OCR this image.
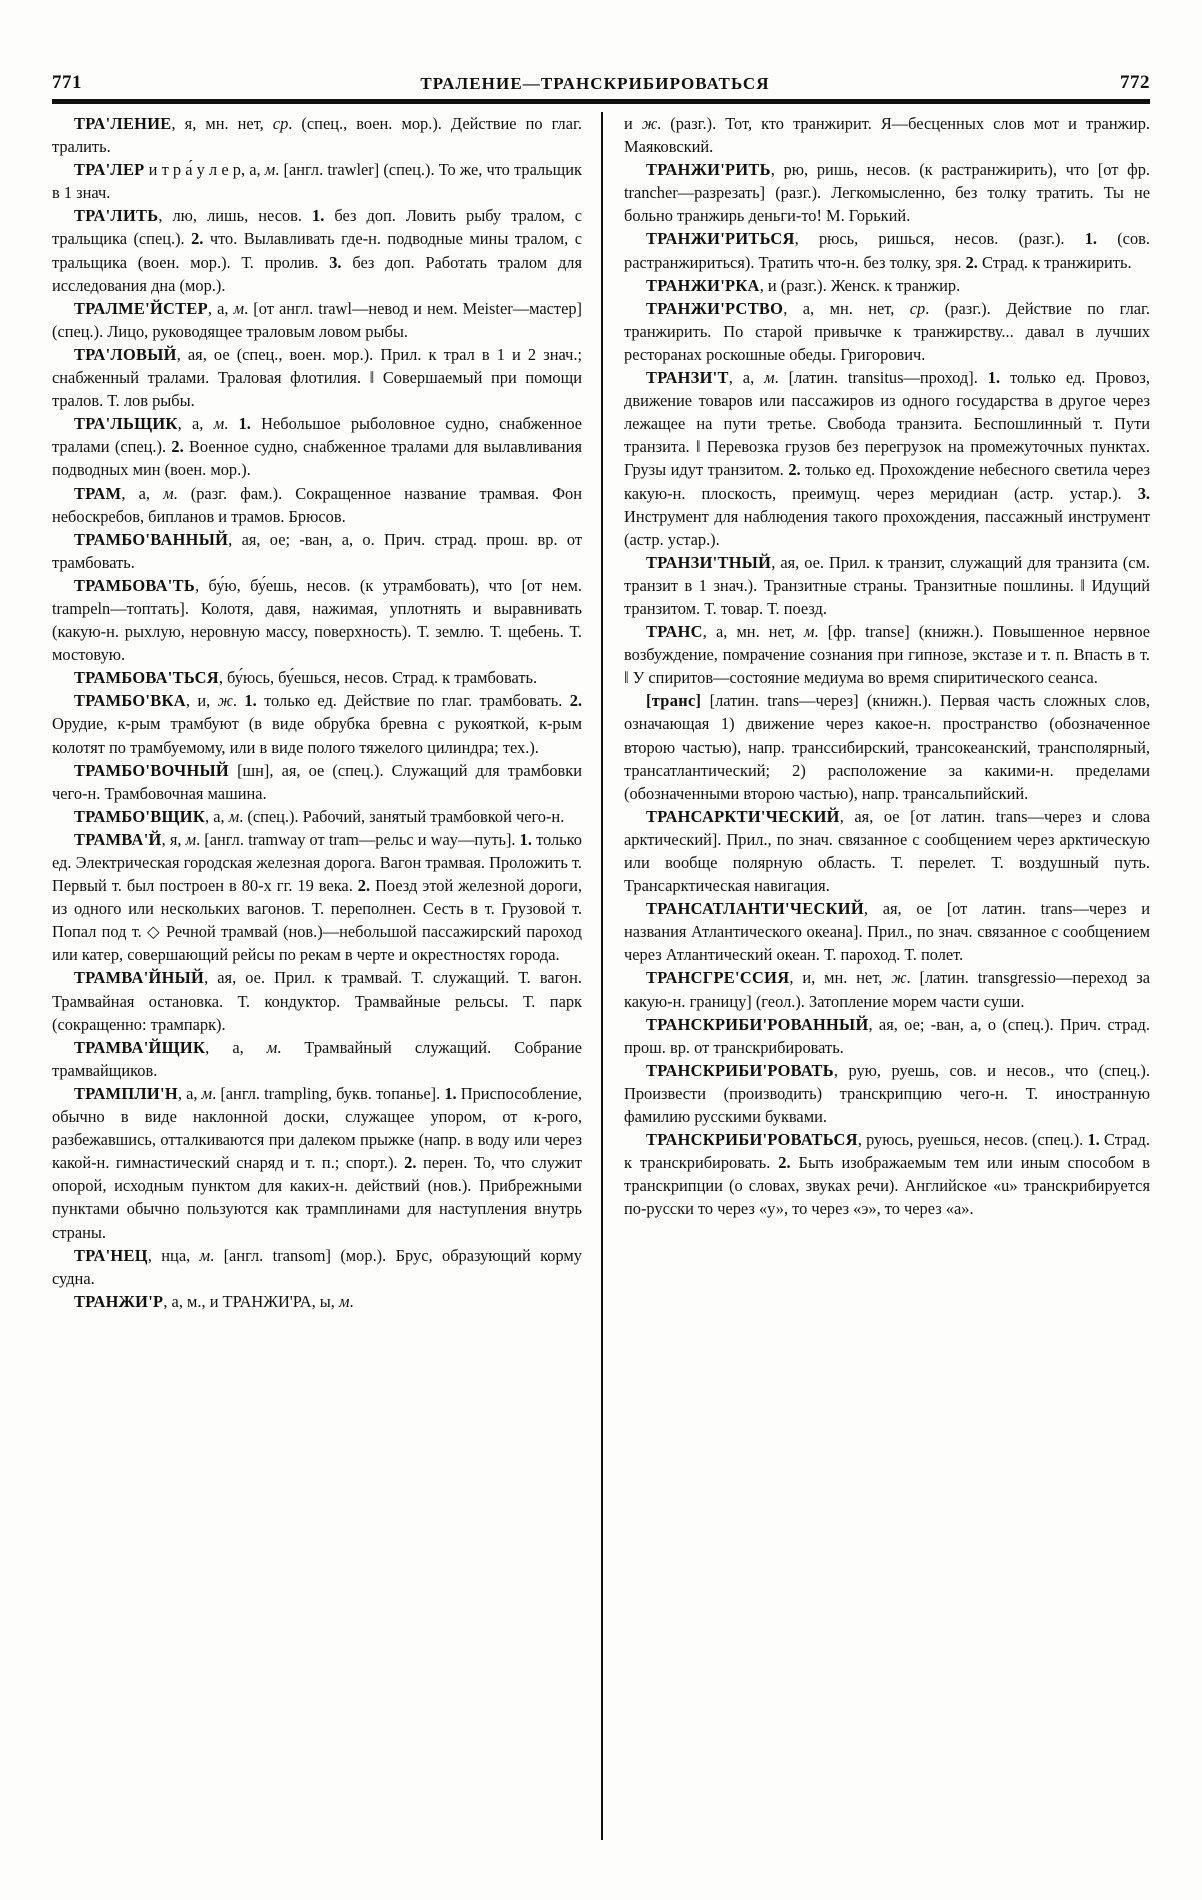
771	ТРАЛЕНИЕ—ТРАНСКРИБИРОВАТЬСЯ	772

ТРА'ЛЕНИЕ, я, мн. нет, ср. (спец., воен. мор.). Действие по глаг. тралить.

ТРА'ЛЕР и т р а́ у л е р, а, м. [англ. trawler] (спец.). То же, что тральщик в 1 знач.

ТРА'ЛИТЬ, лю, лишь, несов. 1. без доп. Ловить рыбу тралом, с тральщика (спец.). 2. что. Вылавливать где-н. подводные мины тралом, с тральщика (воен. мор.). Т. пролив. 3. без доп. Работать тралом для исследования дна (мор.).

ТРАЛМЕ'ЙСТЕР, а, м. [от англ. trawl—невод и нем. Meister—мастер] (спец.). Лицо, руководящее траловым ловом рыбы.

ТРА'ЛОВЫЙ, ая, ое (спец., воен. мор.). Прил. к трал в 1 и 2 знач.; снабженный тралами. Траловая флотилия. ‖ Совершаемый при помощи тралов. Т. лов рыбы.

ТРА'ЛЬЩИК, а, м. 1. Небольшое рыболовное судно, снабженное тралами (спец.). 2. Военное судно, снабженное тралами для вылавливания подводных мин (воен. мор.).

ТРАМ, а, м. (разг. фам.). Сокращенное название трамвая. Фон небоскребов, бипланов и трамов. Брюсов.

ТРАМБО'ВАННЫЙ, ая, ое; -ван, а, о. Прич. страд. прош. вр. от трамбовать.

ТРАМБОВА'ТЬ, бу́ю, бу́ешь, несов. (к утрамбовать), что [от нем. trampeln—топтать]. Колотя, давя, нажимая, уплотнять и выравнивать (какую-н. рыхлую, неровную массу, поверхность). Т. землю. Т. щебень. Т. мостовую.

ТРАМБОВА'ТЬСЯ, бу́юсь, бу́ешься, несов. Страд. к трамбовать.

ТРАМБО'ВКА, и, ж. 1. только ед. Действие по глаг. трамбовать. 2. Орудие, к-рым трамбуют (в виде обрубка бревна с рукояткой, к-рым колотят по трамбуемому, или в виде полого тяжелого цилиндра; тех.).

ТРАМБО'ВОЧНЫЙ [шн], ая, ое (спец.). Служащий для трамбовки чего-н. Трамбовочная машина.

ТРАМБО'ВЩИК, а, м. (спец.). Рабочий, занятый трамбовкой чего-н.

ТРАМВА'Й, я, м. [англ. tramway от tram—рельс и way—путь]. 1. только ед. Электрическая городская железная дорога. Вагон трамвая. Проложить т. Первый т. был построен в 80-х гг. 19 века. 2. Поезд этой железной дороги, из одного или нескольких вагонов. Т. переполнен. Сесть в т. Грузовой т. Попал под т. ◇ Речной трамвай (нов.)—небольшой пассажирский пароход или катер, совершающий рейсы по рекам в черте и окрестностях города.

ТРАМВА'ЙНЫЙ, ая, ое. Прил. к трамвай. Т. служащий. Т. вагон. Трамвайная остановка. Т. кондуктор. Трамвайные рельсы. Т. парк (сокращенно: трампарк).

ТРАМВА'ЙЩИК, а, м. Трамвайный служащий. Собрание трамвайщиков.

ТРАМПЛИ'Н, а, м. [англ. trampling, букв. топанье]. 1. Приспособление, обычно в виде наклонной доски, служащее упором, от к-рого, разбежавшись, отталкиваются при далеком прыжке (напр. в воду или через какой-н. гимнастический снаряд и т. п.; спорт.). 2. перен. То, что служит опорой, исходным пунктом для каких-н. действий (нов.). Прибрежными пунктами обычно пользуются как трамплинами для наступления внутрь страны.

ТРА'НЕЦ, нца, м. [англ. transom] (мор.). Брус, образующий корму судна.

ТРАНЖИ'Р, а, м., и ТРАНЖИ'РА, ы, м.

и ж. (разг.). Тот, кто транжирит. Я—бесценных слов мот и транжир. Маяковский.

ТРАНЖИ'РИТЬ, рю, ришь, несов. (к растранжирить), что [от фр. trancher—разрезать] (разг.). Легкомысленно, без толку тратить. Ты не больно транжирь деньги-то! М. Горький.

ТРАНЖИ'РИТЬСЯ, рюсь, ришься, несов. (разг.). 1. (сов. растранжириться). Тратить что-н. без толку, зря. 2. Страд. к транжирить.

ТРАНЖИ'РКА, и (разг.). Женск. к транжир.

ТРАНЖИ'РСТВО, а, мн. нет, ср. (разг.). Действие по глаг. транжирить. По старой привычке к транжирству... давал в лучших ресторанах роскошные обеды. Григорович.

ТРАНЗИ'Т, а, м. [латин. transitus—проход]. 1. только ед. Провоз, движение товаров или пассажиров из одного государства в другое через лежащее на пути третье. Свобода транзита. Беспошлинный т. Пути транзита. ‖ Перевозка грузов без перегрузок на промежуточных пунктах. Грузы идут транзитом. 2. только ед. Прохождение небесного светила через какую-н. плоскость, преимущ. через меридиан (астр. устар.). 3. Инструмент для наблюдения такого прохождения, пассажный инструмент (астр. устар.).

ТРАНЗИ'ТНЫЙ, ая, ое. Прил. к транзит, служащий для транзита (см. транзит в 1 знач.). Транзитные страны. Транзитные пошлины. ‖ Идущий транзитом. Т. товар. Т. поезд.

ТРАНС, а, мн. нет, м. [фр. transe] (книжн.). Повышенное нервное возбуждение, помрачение сознания при гипнозе, экстазе и т. п. Впасть в т. ‖ У спиритов—состояние медиума во время спиритического сеанса.

[транс] [латин. trans—через] (книжн.). Первая часть сложных слов, означающая 1) движение через какое-н. пространство (обозначенное второю частью), напр. транссибирский, трансокеанский, трансполярный, трансатлантический; 2) расположение за какими-н. пределами (обозначенными второю частью), напр. трансальпийский.

ТРАНСАРКТИ'ЧЕСКИЙ, ая, ое [от латин. trans—через и слова арктический]. Прил., по знач. связанное с сообщением через арктическую или вообще полярную область. Т. перелет. Т. воздушный путь. Трансарктическая навигация.

ТРАНСАТЛАНТИ'ЧЕСКИЙ, ая, ое [от латин. trans—через и названия Атлантического океана]. Прил., по знач. связанное с сообщением через Атлантический океан. Т. пароход. Т. полет.

ТРАНСГРЕ'ССИЯ, и, мн. нет, ж. [латин. transgressio—переход за какую-н. границу] (геол.). Затопление морем части суши.

ТРАНСКРИБИ'РОВАННЫЙ, ая, ое; -ван, а, о (спец.). Прич. страд. прош. вр. от транскрибировать.

ТРАНСКРИБИ'РОВАТЬ, рую, руешь, сов. и несов., что (спец.). Произвести (производить) транскрипцию чего-н. Т. иностранную фамилию русскими буквами.

ТРАНСКРИБИ'РОВАТЬСЯ, руюсь, руешься, несов. (спец.). 1. Страд. к транскрибировать. 2. Быть изображаемым тем или иным способом в транскрипции (о словах, звуках речи). Английское «u» транскрибируется по-русски то через «у», то через «э», то через «а».
